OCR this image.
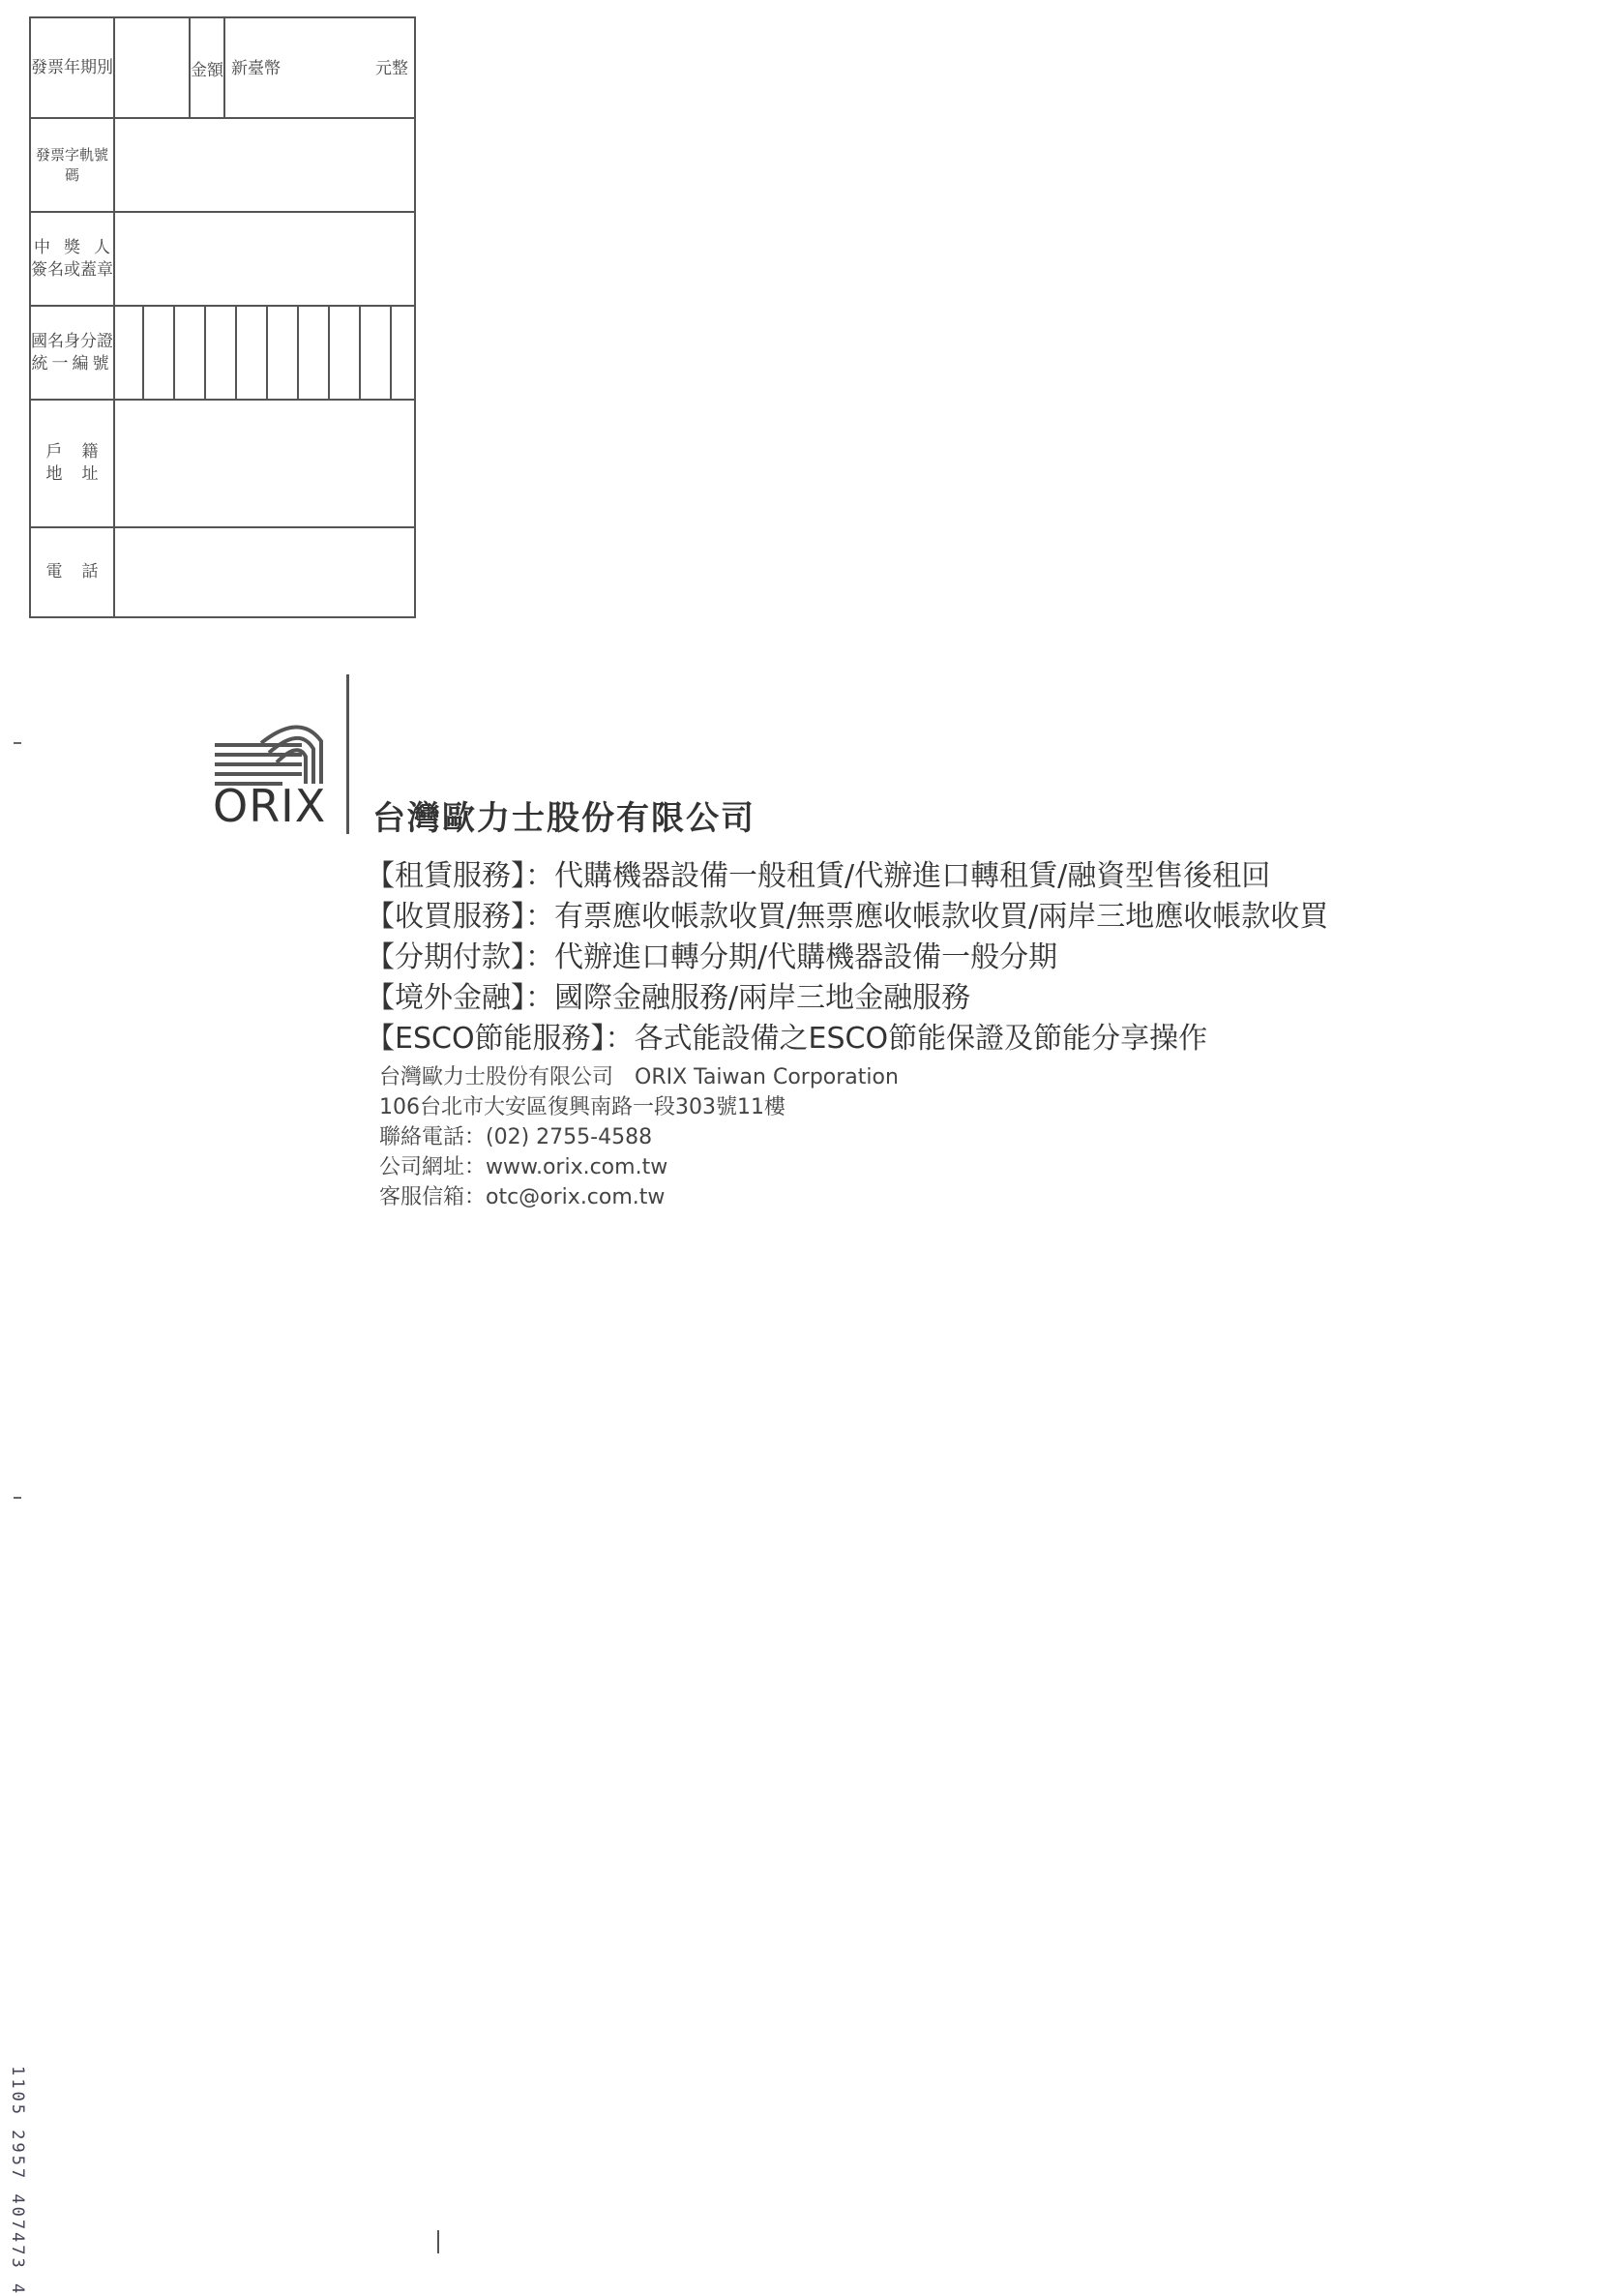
發票年期別	金額 新臺幣	元整
發票字軌號碼
中獎人
簽名或蓋章
國名身分證
統一編號
戶籍
地址
電話
ORIX 台灣歐力士股份有限公司
【租賃服務】：代購機器設備一般租賃/代辦進口轉租賃/融資型售後租回
【收買服務】：有票應收帳款收買/無票應收帳款收買/兩岸三地應收帳款收買
【分期付款】：代辦進口轉分期/代購機器設備一般分期
【境外金融】：國際金融服務/兩岸三地金融服務
【ESCO節能服務】：各式能設備之ESCO節能保證及節能分享操作
台灣歐力士股份有限公司　ORIX Taiwan Corporation
106台北市大安區復興南路一段303號11樓
聯絡電話：(02) 2755-4588
公司網址：www.orix.com.tw
客服信箱：otc@orix.com.tw
1105 2957 407473 4
